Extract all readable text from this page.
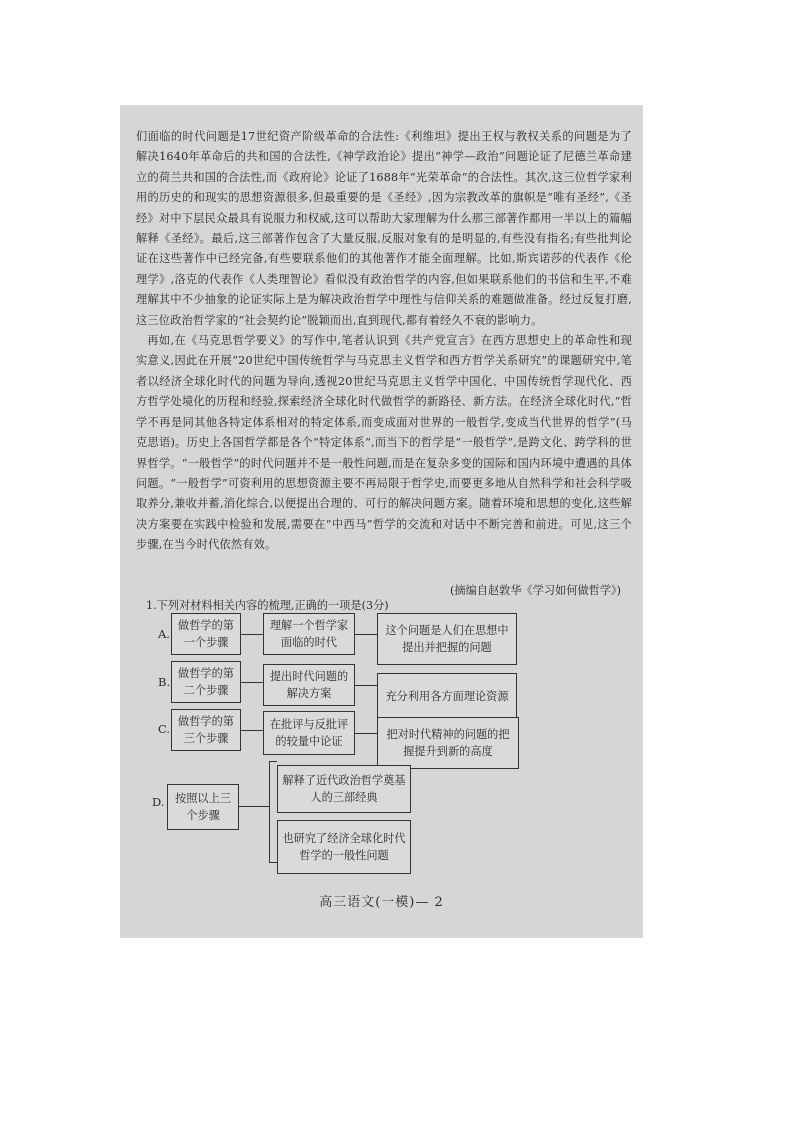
们面临的时代问题是17世纪资产阶级革命的合法性:《利维坦》提出王权与教权关系的问题是为了解决1640年革命后的共和国的合法性,《神学政治论》提出“神学—政治”问题论证了尼德兰革命建立的荷兰共和国的合法性,而《政府论》论证了1688年“光荣革命”的合法性。其次,这三位哲学家利用的历史的和现实的思想资源很多,但最重要的是《圣经》,因为宗教改革的旗帜是“唯有圣经”,《圣经》对中下层民众最具有说服力和权威,这可以帮助大家理解为什么那三部著作都用一半以上的篇幅解释《圣经》。最后,这三部著作包含了大量反服,反服对象有的是明显的,有些没有指名;有些批判论证在这些著作中已经完备,有些要联系他们的其他著作才能全面理解。比如,斯宾诺莎的代表作《伦理学》,洛克的代表作《人类理智论》看似没有政治哲学的内容,但如果联系他们的书信和生平,不难理解其中不少抽象的论证实际上是为解决政治哲学中理性与信仰关系的难题做准备。经过反复打磨,这三位政治哲学家的“社会契约论”脱颖而出,直到现代,都有着经久不衰的影响力。

再如,在《马克思哲学要义》的写作中,笔者认识到《共产党宣言》在西方思想史上的革命性和现实意义,因此在开展“20世纪中国传统哲学与马克思主义哲学和西方哲学关系研究”的课题研究中,笔者以经济全球化时代的问题为导向,透视20世纪马克思主义哲学中国化、中国传统哲学现代化、西方哲学处境化的历程和经验,探索经济全球化时代做哲学的新路径、新方法。在经济全球化时代,“哲学不再是同其他各特定体系相对的特定体系,而变成面对世界的一般哲学,变成当代世界的哲学”(马克思语)。历史上各国哲学都是各个“特定体系”,而当下的哲学是“一般哲学”,是跨文化、跨学科的世界哲学。“一般哲学”的时代问题并不是一般性问题,而是在复杂多变的国际和国内环境中遭遇的具体问题。“一般哲学”可资利用的思想资源主要不再局限于哲学史,而要更多地从自然科学和社会科学吸取养分,兼收并蓄,消化综合,以便提出合理的、可行的解决问题方案。随着环境和思想的变化,这些解决方案要在实践中检验和发展,需要在“中西马”哲学的交流和对话中不断完善和前进。可见,这三个步骤,在当今时代依然有效。

(摘编自赵敦华《学习如何做哲学》)
1.下列对材料相关内容的梳理,正确的一项是(3分)
A.
做哲学的第一个步骤
理解一个哲学家面临的时代
这个问题是人们在思想中提出并把握的问题
B.
做哲学的第二个步骤
提出时代问题的解决方案	充分利用各方面理论资源
C.
做哲学的第三个步骤
在批评与反批评的较量中论证
把对时代精神的问题的把握提升到新的高度
D. 按照以上三个步骤
解释了近代政治哲学奠基人的三部经典
也研究了经济全球化时代哲学的一般性问题
高三语文(一模)— 2
